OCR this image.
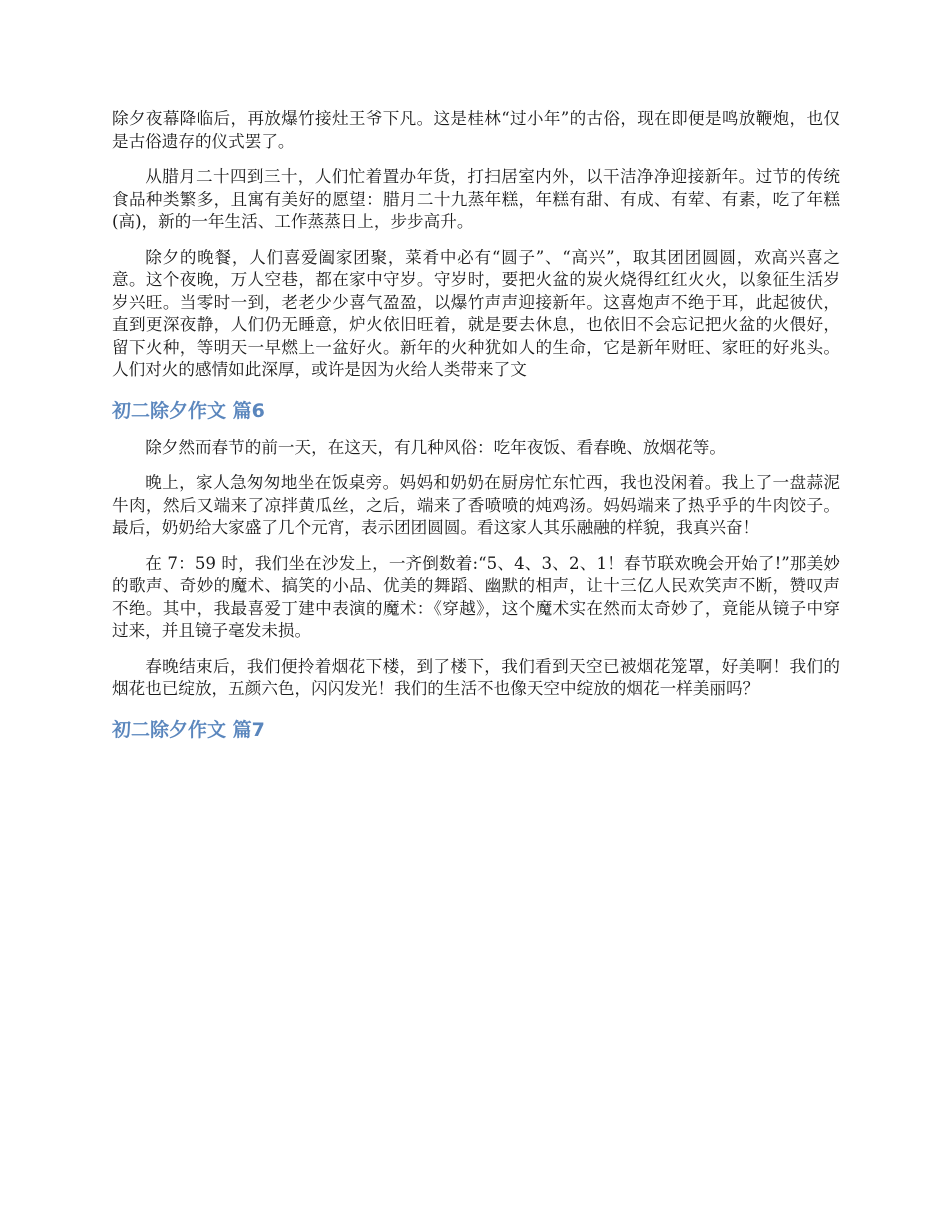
除夕夜幕降临后，再放爆竹接灶王爷下凡。这是桂林“过小年”的古俗，现在即便是鸣放鞭炮，也仅是古俗遗存的仪式罢了。

从腊月二十四到三十，人们忙着置办年货，打扫居室内外，以干洁净净迎接新年。过节的传统食品种类繁多，且寓有美好的愿望：腊月二十九蒸年糕，年糕有甜、有成、有荤、有素，吃了年糕(高)，新的一年生活、工作蒸蒸日上，步步高升。

除夕的晚餐，人们喜爱阖家团聚，菜肴中必有“圆子”、“高兴”，取其团团圆圆，欢高兴喜之意。这个夜晚，万人空巷，都在家中守岁。守岁时，要把火盆的炭火烧得红红火火，以象征生活岁岁兴旺。当零时一到，老老少少喜气盈盈，以爆竹声声迎接新年。这喜炮声不绝于耳，此起彼伏，直到更深夜静，人们仍无睡意，炉火依旧旺着，就是要去休息，也依旧不会忘记把火盆的火偎好，留下火种，等明天一早燃上一盆好火。新年的火种犹如人的生命，它是新年财旺、家旺的好兆头。人们对火的感情如此深厚，或许是因为火给人类带来了文

初二除夕作文 篇6

除夕然而春节的前一天，在这天，有几种风俗：吃年夜饭、看春晚、放烟花等。

晚上，家人急匆匆地坐在饭桌旁。妈妈和奶奶在厨房忙东忙西，我也没闲着。我上了一盘蒜泥牛肉，然后又端来了凉拌黄瓜丝，之后，端来了香喷喷的炖鸡汤。妈妈端来了热乎乎的牛肉饺子。最后，奶奶给大家盛了几个元宵，表示团团圆圆。看这家人其乐融融的样貌，我真兴奋！

在 7：59 时，我们坐在沙发上，一齐倒数着:“5、4、3、2、1！春节联欢晚会开始了!”那美妙的歌声、奇妙的魔术、搞笑的小品、优美的舞蹈、幽默的相声，让十三亿人民欢笑声不断，赞叹声不绝。其中，我最喜爱丁建中表演的魔术：《穿越》，这个魔术实在然而太奇妙了，竟能从镜子中穿过来，并且镜子毫发未损。

春晚结束后，我们便拎着烟花下楼，到了楼下，我们看到天空已被烟花笼罩，好美啊！我们的烟花也已绽放，五颜六色，闪闪发光！我们的生活不也像天空中绽放的烟花一样美丽吗？

初二除夕作文 篇7
